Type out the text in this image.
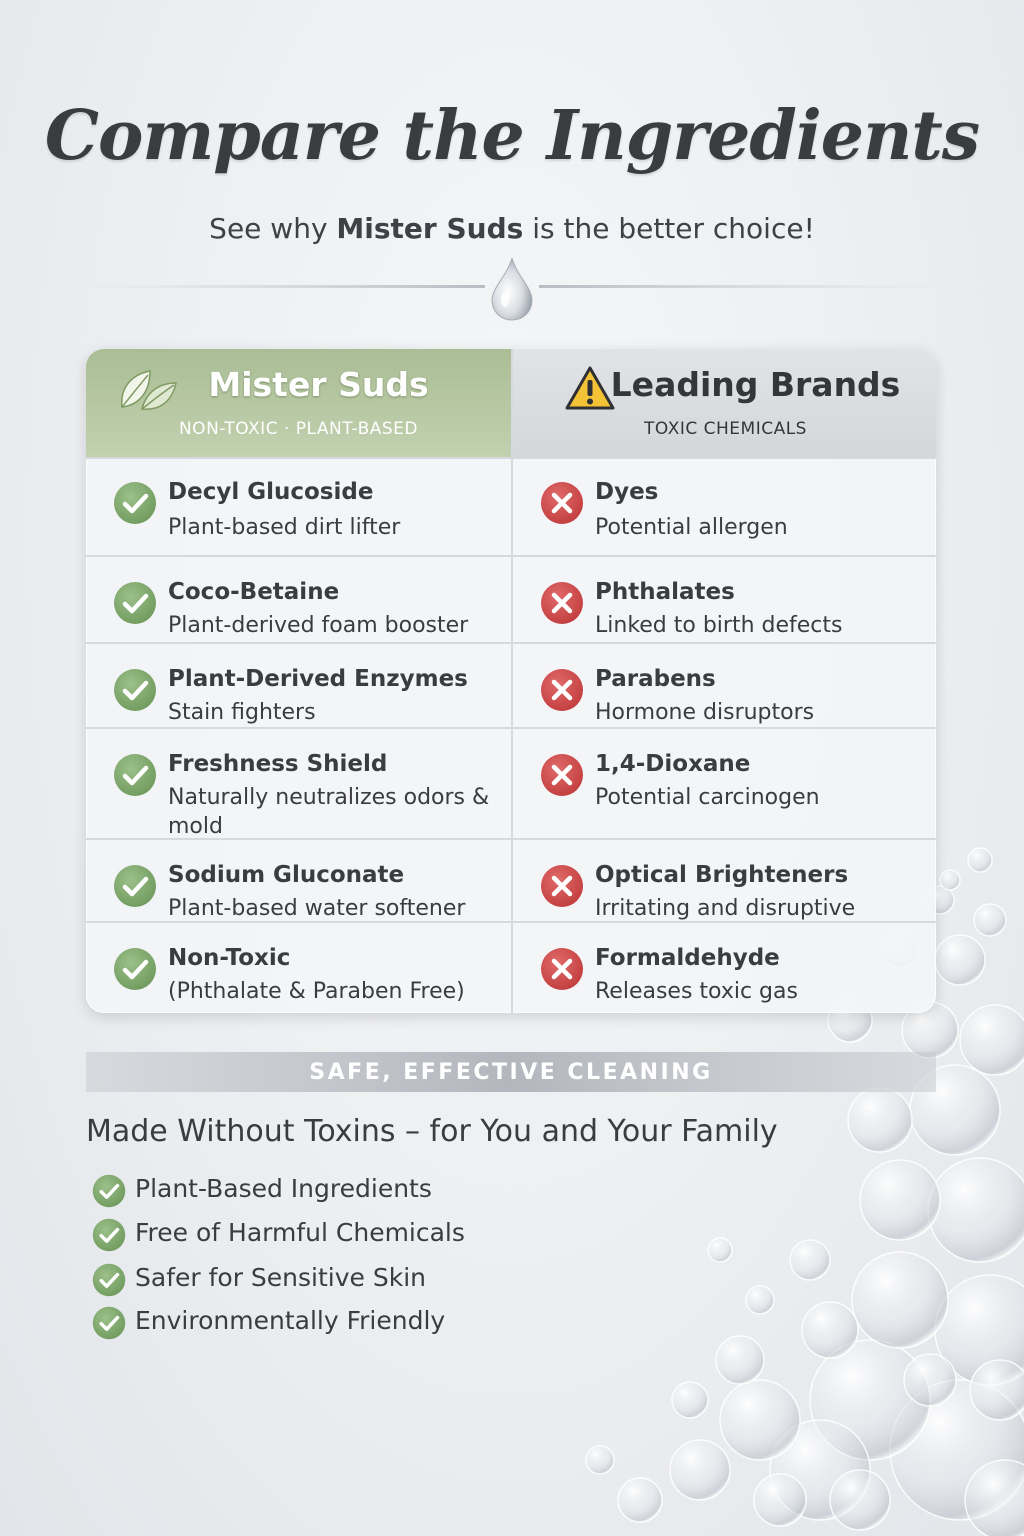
Compare the Ingredients
See why Mister Suds is the better choice!
Mister Suds
NON-TOXIC · PLANT-BASED
Decyl Glucoside
Plant-based dirt lifter
Coco-Betaine
Plant-derived foam booster
Plant-Derived Enzymes
Stain fighters
Freshness Shield
Naturally neutralizes odors & mold
Sodium Gluconate
Plant-based water softener
Non-Toxic
(Phthalate & Paraben Free)
Leading Brands
TOXIC CHEMICALS
Dyes
Potential allergen
Phthalates
Linked to birth defects
Parabens
Hormone disruptors
1,4-Dioxane
Potential carcinogen
Optical Brighteners
Irritating and disruptive
Formaldehyde
Releases toxic gas
SAFE, EFFECTIVE CLEANING
Made Without Toxins – for You and Your Family
Plant-Based Ingredients
Free of Harmful Chemicals
Safer for Sensitive Skin
Environmentally Friendly
